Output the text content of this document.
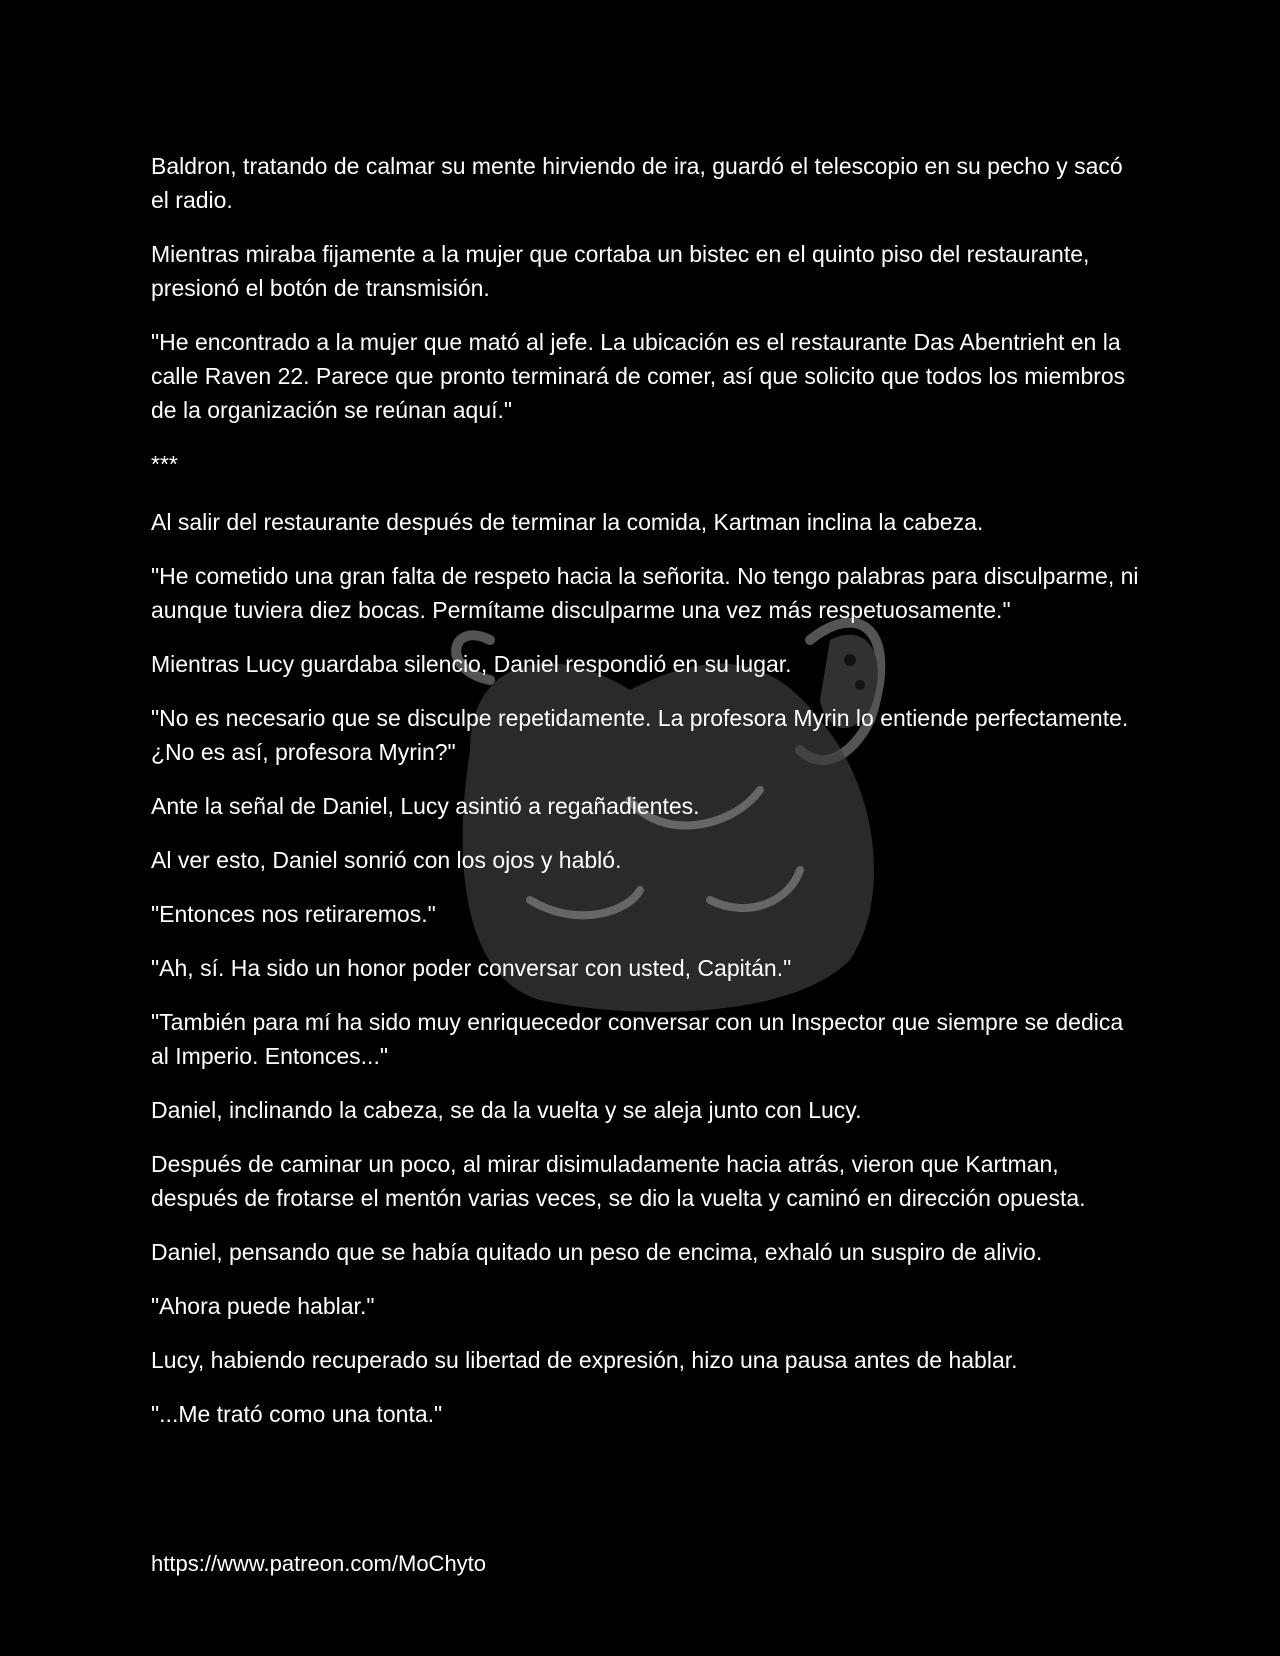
Baldron, tratando de calmar su mente hirviendo de ira, guardó el telescopio en su pecho y sacó el radio.

Mientras miraba fijamente a la mujer que cortaba un bistec en el quinto piso del restaurante, presionó el botón de transmisión.

"He encontrado a la mujer que mató al jefe. La ubicación es el restaurante Das Abentrieht en la calle Raven 22. Parece que pronto terminará de comer, así que solicito que todos los miembros de la organización se reúnan aquí."

***

Al salir del restaurante después de terminar la comida, Kartman inclina la cabeza.

"He cometido una gran falta de respeto hacia la señorita. No tengo palabras para disculparme, ni aunque tuviera diez bocas. Permítame disculparme una vez más respetuosamente."

Mientras Lucy guardaba silencio, Daniel respondió en su lugar.

"No es necesario que se disculpe repetidamente. La profesora Myrin lo entiende perfectamente. ¿No es así, profesora Myrin?"

Ante la señal de Daniel, Lucy asintió a regañadientes.

Al ver esto, Daniel sonrió con los ojos y habló.

"Entonces nos retiraremos."

"Ah, sí. Ha sido un honor poder conversar con usted, Capitán."

"También para mí ha sido muy enriquecedor conversar con un Inspector que siempre se dedica al Imperio. Entonces..."

Daniel, inclinando la cabeza, se da la vuelta y se aleja junto con Lucy.

Después de caminar un poco, al mirar disimuladamente hacia atrás, vieron que Kartman, después de frotarse el mentón varias veces, se dio la vuelta y caminó en dirección opuesta.

Daniel, pensando que se había quitado un peso de encima, exhaló un suspiro de alivio.

"Ahora puede hablar."

Lucy, habiendo recuperado su libertad de expresión, hizo una pausa antes de hablar.

"...Me trató como una tonta."

https://www.patreon.com/MoChyto
